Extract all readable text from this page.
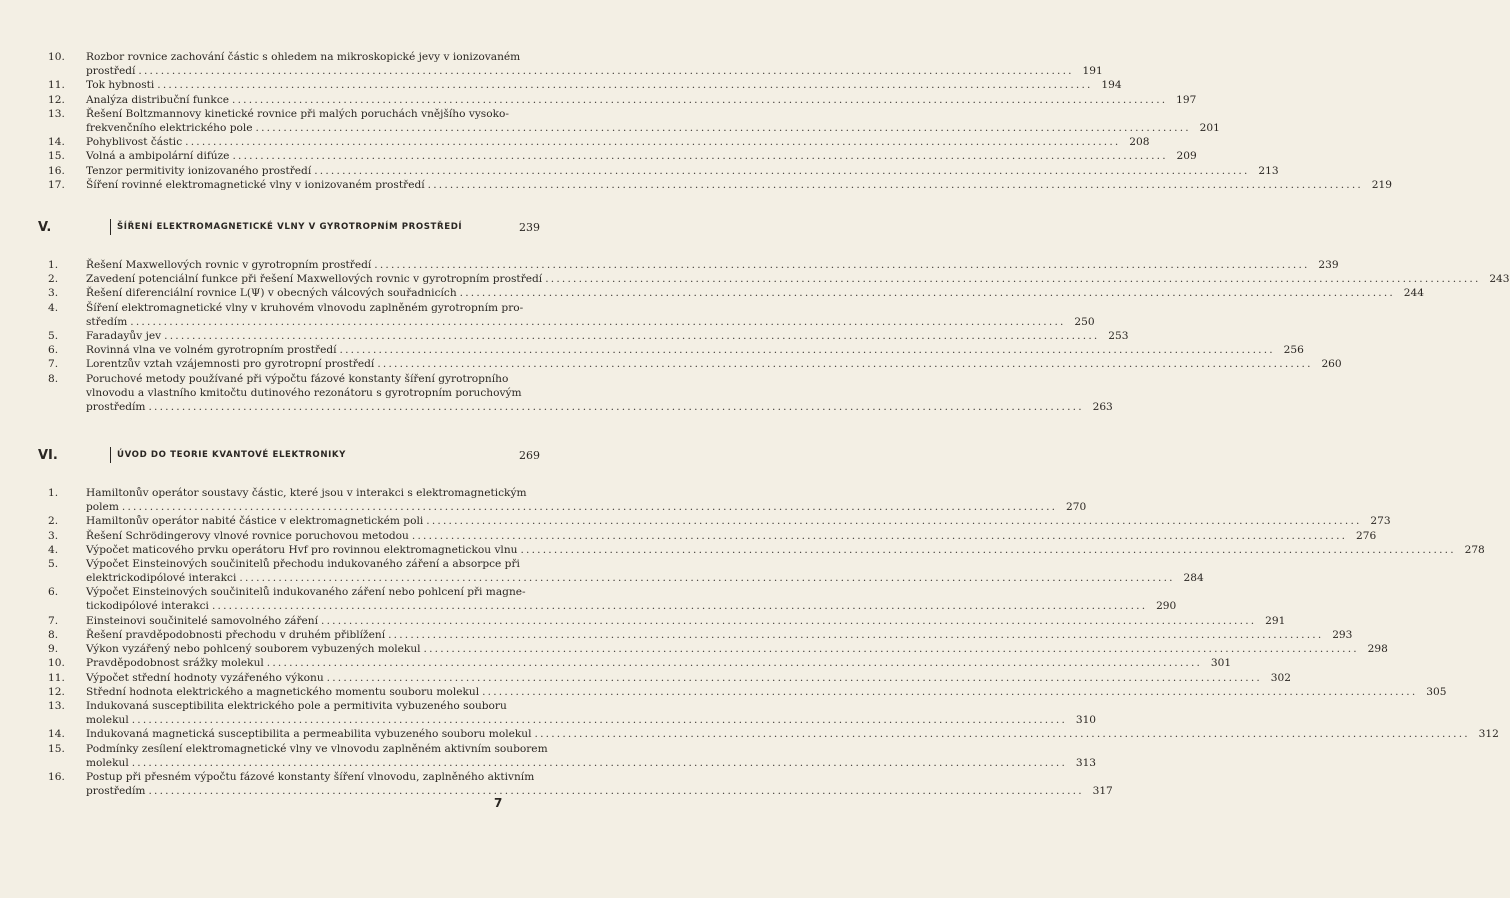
10.	Rozbor rovnice zachování částic s ohledem na mikroskopické jevy v ionizovaném
prostředí .....	191
11.	Tok hybnosti .....	194
12.	Analýza distribuční funkce .....	197
13.	Řešení Boltzmannovy kinetické rovnice při malých poruchách vnějšího vysoko-
frekvenčního elektrického pole .....	201
14.	Pohyblivost částic .....	208
15.	Volná a ambipolární difúze .....	209
16.	Tenzor permitivity ionizovaného prostředí .....	213
17.	Šíření rovinné elektromagnetické vlny v ionizovaném prostředí .....	219
V.	ŠÍŘENÍ ELEKTROMAGNETICKÉ VLNY V GYROTROPNÍM PROSTŘEDÍ	239
1.	Řešení Maxwellových rovnic v gyrotropním prostředí .....	239
2.	Zavedení potenciální funkce při řešení Maxwellových rovnic v gyrotropním prostředí .....	243
3.	Řešení diferenciální rovnice L(Ψ) v obecných válcových souřadnicích .....	244
4.	Šíření elektromagnetické vlny v kruhovém vlnovodu zaplněném gyrotropním pro-
středím .....	250
5.	Faradayův jev .....	253
6.	Rovinná vlna ve volném gyrotropním prostředí .....	256
7.	Lorentzův vztah vzájemnosti pro gyrotropní prostředí .....	260
8.	Poruchové metody používané při výpočtu fázové konstanty šíření gyrotropního
vlnovodu a vlastního kmitočtu dutinového rezonátoru s gyrotropním poruchovým
prostředím .....	263
VI.	ÚVOD DO TEORIE KVANTOVÉ ELEKTRONIKY	269
1.	Hamiltonův operátor soustavy částic, které jsou v interakci s elektromagnetickým
polem .....	270
2.	Hamiltonův operátor nabité částice v elektromagnetickém poli .....	273
3.	Řešení Schrödingerovy vlnové rovnice poruchovou metodou .....	276
4.	Výpočet maticového prvku operátoru Hvf pro rovinnou elektromagnetickou vlnu .....	278
5.	Výpočet Einsteinových součinitelů přechodu indukovaného záření a absorpce při
elektrickodipólové interakci .....	284
6.	Výpočet Einsteinových součinitelů indukovaného záření nebo pohlcení při magne-
tickodipólové interakci .....	290
7.	Einsteinovi součinitelé samovolného záření .....	291
8.	Řešení pravděpodobnosti přechodu v druhém přiblížení .....	293
9.	Výkon vyzářený nebo pohlcený souborem vybuzených molekul .....	298
10.	Pravděpodobnost srážky molekul .....	301
11.	Výpočet střední hodnoty vyzářeného výkonu .....	302
12.	Střední hodnota elektrického a magnetického momentu souboru molekul .....	305
13.	Indukovaná susceptibilita elektrického pole a permitivita vybuzeného souboru
molekul .....	310
14.	Indukovaná magnetická susceptibilita a permeabilita vybuzeného souboru molekul .....	312
15.	Podmínky zesílení elektromagnetické vlny ve vlnovodu zaplněném aktivním souborem
molekul .....	313
16.	Postup při přesném výpočtu fázové konstanty šíření vlnovodu, zaplněného aktivním
prostředím .....	317
7
